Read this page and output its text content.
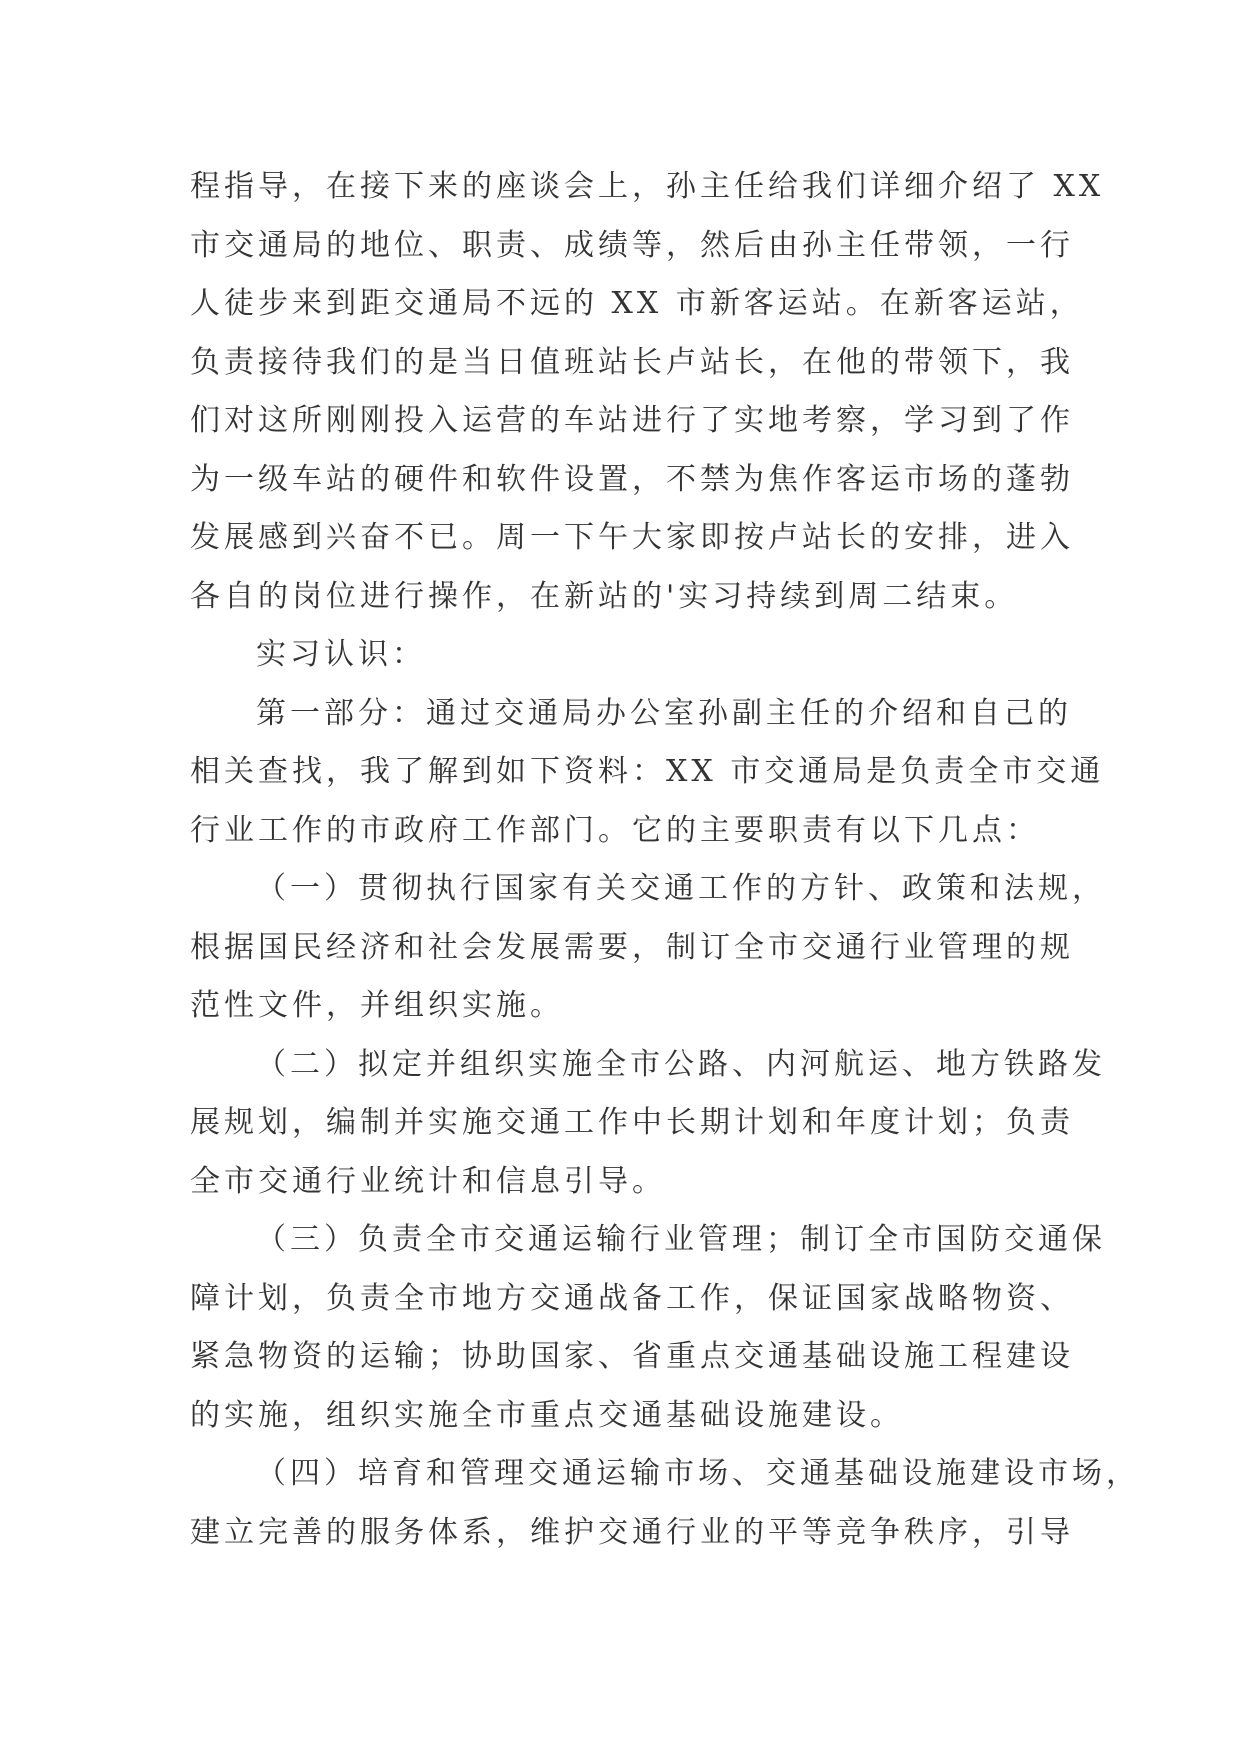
程指导，在接下来的座谈会上，孙主任给我们详细介绍了 XX
市交通局的地位、职责、成绩等，然后由孙主任带领，一行
人徒步来到距交通局不远的 XX 市新客运站。在新客运站，
负责接待我们的是当日值班站长卢站长，在他的带领下，我
们对这所刚刚投入运营的车站进行了实地考察，学习到了作
为一级车站的硬件和软件设置，不禁为焦作客运市场的蓬勃
发展感到兴奋不已。周一下午大家即按卢站长的安排，进入
各自的岗位进行操作，在新站的'实习持续到周二结束。
实习认识：
第一部分：通过交通局办公室孙副主任的介绍和自己的
相关查找，我了解到如下资料：XX 市交通局是负责全市交通
行业工作的市政府工作部门。它的主要职责有以下几点：
（一）贯彻执行国家有关交通工作的方针、政策和法规，
根据国民经济和社会发展需要，制订全市交通行业管理的规
范性文件，并组织实施。
（二）拟定并组织实施全市公路、内河航运、地方铁路发
展规划，编制并实施交通工作中长期计划和年度计划；负责
全市交通行业统计和信息引导。
（三）负责全市交通运输行业管理；制订全市国防交通保
障计划，负责全市地方交通战备工作，保证国家战略物资、
紧急物资的运输；协助国家、省重点交通基础设施工程建设
的实施，组织实施全市重点交通基础设施建设。
（四）培育和管理交通运输市场、交通基础设施建设市场，
建立完善的服务体系，维护交通行业的平等竞争秩序，引导
